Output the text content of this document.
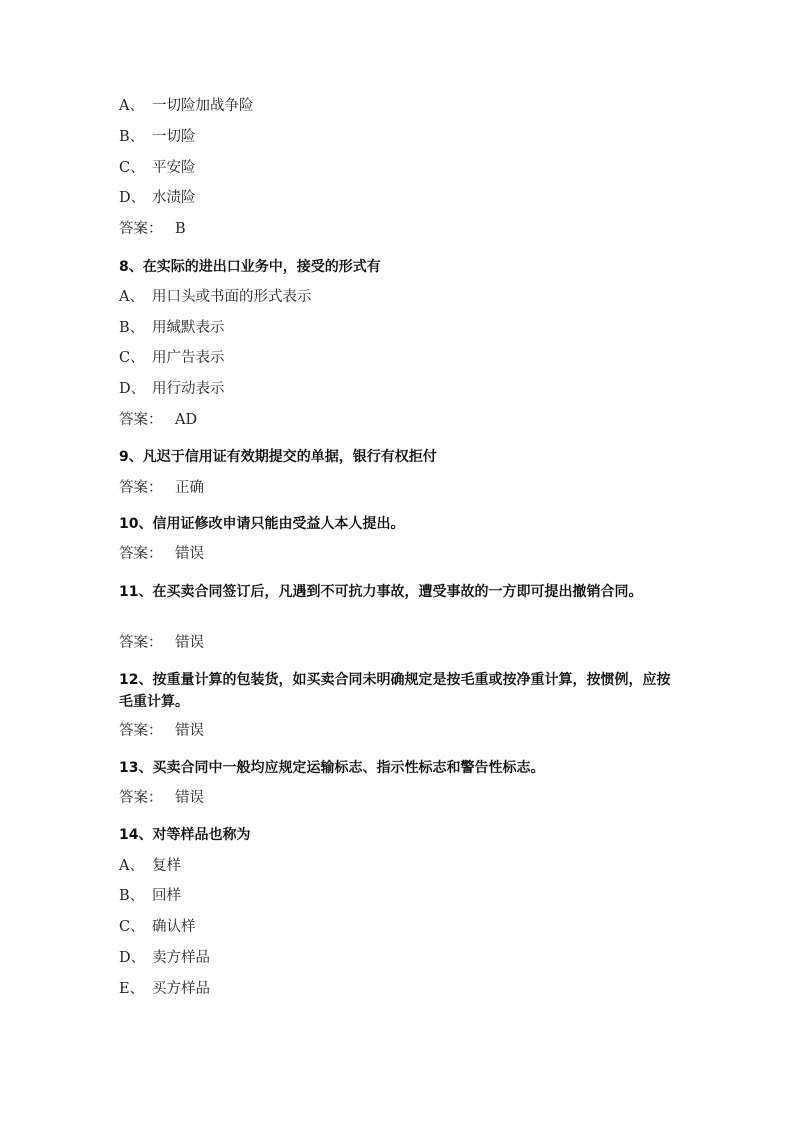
A、 一切险加战争险
B、 一切险
C、 平安险
D、 水渍险
答案： B
8、在实际的进出口业务中，接受的形式有
A、 用口头或书面的形式表示
B、 用缄默表示
C、 用广告表示
D、 用行动表示
答案： AD
9、凡迟于信用证有效期提交的单据，银行有权拒付
答案： 正确
10、信用证修改申请只能由受益人本人提出。
答案： 错误
11、在买卖合同签订后，凡遇到不可抗力事故，遭受事故的一方即可提出撤销合同。
答案： 错误
12、按重量计算的包装货，如买卖合同未明确规定是按毛重或按净重计算，按惯例，应按毛重计算。
答案： 错误
13、买卖合同中一般均应规定运输标志、指示性标志和警告性标志。
答案： 错误
14、对等样品也称为
A、 复样
B、 回样
C、 确认样
D、 卖方样品
E、 买方样品
